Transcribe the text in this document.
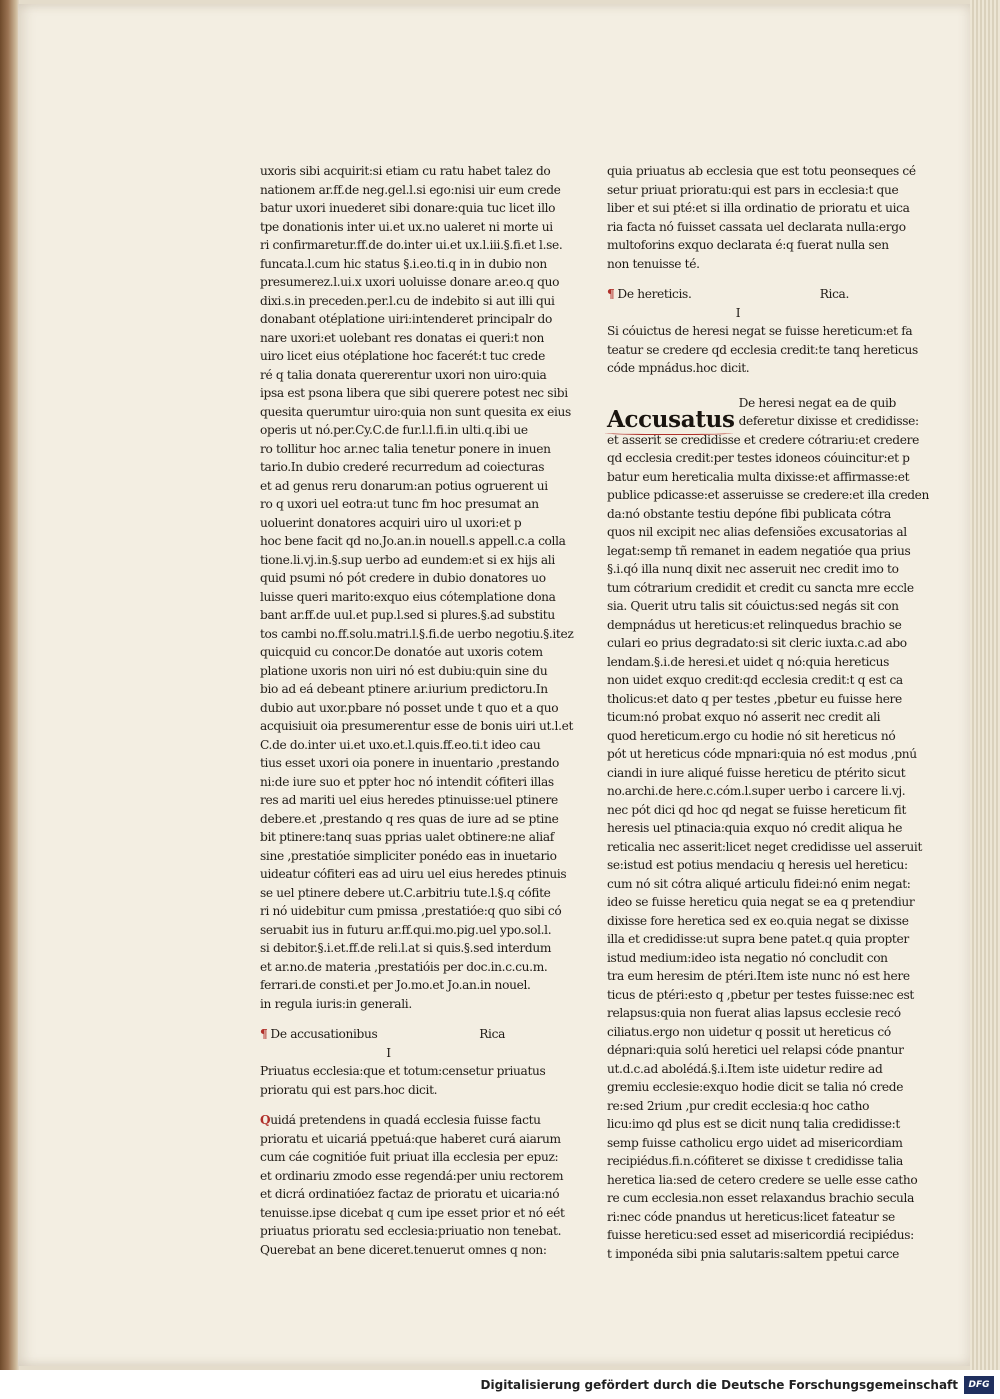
uxoris sibi acquirit:si etiam cu ratu habet talez do
nationem ar.ff.de neg.gel.l.si ego:nisi uir eum crede
batur uxori inuederet sibi donare:quia tuc licet illo
tpe donationis inter ui.et ux.no ualeret ni morte ui
ri confirmaretur.ff.de do.inter ui.et ux.l.iii.§.fi.et l.se.
funcata.l.cum hic status §.i.eo.ti.q in in dubio non
presumerez.l.ui.x uxori uoluisse donare ar.eo.q quo
dixi.s.in preceden.per.l.cu de indebito si aut illi qui
donabant otéplatione uiri:intenderet principalr do
nare uxori:et uolebant res donatas ei queri:t non
uiro licet eius otéplatione hoc facerét:t tuc crede
ré q talia donata quererentur uxori non uiro:quia
ipsa est psona libera que sibi querere potest nec sibi
quesita querumtur uiro:quia non sunt quesita ex eius
operis ut nó.per.Cy.C.de fur.l.l.fi.in ulti.q.ibi ue
ro tollitur hoc ar.nec talia tenetur ponere in inuen
tario.In dubio crederé recurredum ad coiecturas
et ad genus reru donarum:an potius ogruerent ui
ro q uxori uel eotra:ut tunc fm hoc presumat an
uoluerint donatores acquiri uiro ul uxori:et p
hoc bene facit qd no.Jo.an.in nouell.s appell.c.a colla
tione.li.vj.in.§.sup uerbo ad eundem:et si ex hijs ali
quid psumi nó pót credere in dubio donatores uo
luisse queri marito:exquo eius cótemplatione dona
bant ar.ff.de uul.et pup.l.sed si plures.§.ad substitu
tos cambi no.ff.solu.matri.l.§.fi.de uerbo negotiu.§.itez
quicquid cu concor.De donatóe aut uxoris cotem
platione uxoris non uiri nó est dubiu:quin sine du
bio ad eá debeant ptinere ar.iurium predictoru.In
dubio aut uxor.pbare nó posset unde t quo et a quo
acquisiuit oia presumerentur esse de bonis uiri ut.l.et
C.de do.inter ui.et uxo.et.l.quis.ff.eo.ti.t ideo cau
tius esset uxori oia ponere in inuentario ,prestando
ni:de iure suo et ppter hoc nó intendit cófiteri illas
res ad mariti uel eius heredes ptinuisse:uel ptinere
debere.et ,prestando q res quas de iure ad se ptine
bit ptinere:tanq suas pprias ualet obtinere:ne aliaf
sine ,prestatióe simpliciter ponédo eas in inuetario
uideatur cófiteri eas ad uiru uel eius heredes ptinuis
se uel ptinere debere ut.C.arbitriu tute.l.§.q cófite
ri nó uidebitur cum pmissa ,prestatióe:q quo sibi có
seruabit ius in futuru ar.ff.qui.mo.pig.uel ypo.sol.l.
si debitor.§.i.et.ff.de reli.l.at si quis.§.sed interdum
et ar.no.de materia ,prestatióis per doc.in.c.cu.m.
ferrari.de consti.et per Jo.mo.et Jo.an.in nouel.
in regula iuris:in generali.
¶ De accusationibus	Rica
I
Priuatus ecclesia:que et totum:censetur priuatus
prioratu qui est pars.hoc dicit.
Quidá pretendens in quadá ecclesia fuisse factu
prioratu et uicariá ppetuá:que haberet curá aiarum
cum cáe cognitióe fuit priuat illa ecclesia per epuz:
et ordinariu zmodo esse regendá:per uniu rectorem
et dicrá ordinatióez factaz de prioratu et uicaria:nó
tenuisse.ipse dicebat q cum ipe esset prior et nó eét
priuatus prioratu sed ecclesia:priuatio non tenebat.
Querebat an bene diceret.tenuerut omnes q non:
quia priuatus ab ecclesia que est totu peonseques cé
setur priuat prioratu:qui est pars in ecclesia:t que
liber et sui pté:et si illa ordinatio de prioratu et uica
ria facta nó fuisset cassata uel declarata nulla:ergo
multoforins exquo declarata é:q fuerat nulla sen
non tenuisse té.
¶ De hereticis.	Rica.
I
Si cóuictus de heresi negat se fuisse hereticum:et fa
teatur se credere qd ecclesia credit:te tanq hereticus
códe mpnádus.hoc dicit.
Accusatus
De heresi negat ea de quib
deferetur dixisse et credidisse:
et asserit se credidisse et credere cótrariu:et credere
qd ecclesia credit:per testes idoneos cóuincitur:et p
batur eum hereticalia multa dixisse:et affirmasse:et
publice pdicasse:et asseruisse se credere:et illa creden
da:nó obstante testiu depóne fibi publicata cótra
quos nil excipit nec alias defensiões excusatorias al
legat:semp tñ remanet in eadem negatióe qua prius
§.i.qó illa nunq dixit nec asseruit nec credit imo to
tum cótrarium credidit et credit cu sancta mre eccle
sia. Querit utru talis sit cóuictus:sed negás sit con
dempnádus ut hereticus:et relinquedus brachio se
culari eo prius degradato:si sit cleric iuxta.c.ad abo
lendam.§.i.de heresi.et uidet q nó:quia hereticus
non uidet exquo credit:qd ecclesia credit:t q est ca
tholicus:et dato q per testes ,pbetur eu fuisse here
ticum:nó probat exquo nó asserit nec credit ali
quod hereticum.ergo cu hodie nó sit hereticus nó
pót ut hereticus códe mpnari:quia nó est modus ,pnú
ciandi in iure aliqué fuisse hereticu de ptérito sicut
no.archi.de here.c.cóm.l.super uerbo i carcere li.vj.
nec pót dici qd hoc qd negat se fuisse hereticum fit
heresis uel ptinacia:quia exquo nó credit aliqua he
reticalia nec asserit:licet neget credidisse uel asseruit
se:istud est potius mendaciu q heresis uel hereticu:
cum nó sit cótra aliqué articulu fidei:nó enim negat:
ideo se fuisse hereticu quia negat se ea q pretendiur
dixisse fore heretica sed ex eo.quia negat se dixisse
illa et credidisse:ut supra bene patet.q quia propter
istud medium:ideo ista negatio nó concludit con
tra eum heresim de ptéri.Item iste nunc nó est here
ticus de ptéri:esto q ,pbetur per testes fuisse:nec est
relapsus:quia non fuerat alias lapsus ecclesie recó
ciliatus.ergo non uidetur q possit ut hereticus có
dépnari:quia solú heretici uel relapsi códe pnantur
ut.d.c.ad abolédá.§.i.Item iste uidetur redire ad
gremiu ecclesie:exquo hodie dicit se talia nó crede
re:sed 2rium ,pur credit ecclesia:q hoc catho
licu:imo qd plus est se dicit nunq talia credidisse:t
semp fuisse catholicu ergo uidet ad misericordiam
recipiédus.fi.n.cófiteret se dixisse t credidisse talia
heretica lia:sed de cetero credere se uelle esse catho
re cum ecclesia.non esset relaxandus brachio secula
ri:nec códe pnandus ut hereticus:licet fateatur se
fuisse hereticu:sed esset ad misericordiá recipiédus:
t imponéda sibi pnia salutaris:saltem ppetui carce
Digitalisierung gefördert durch die Deutsche Forschungsgemeinschaft	DFG
